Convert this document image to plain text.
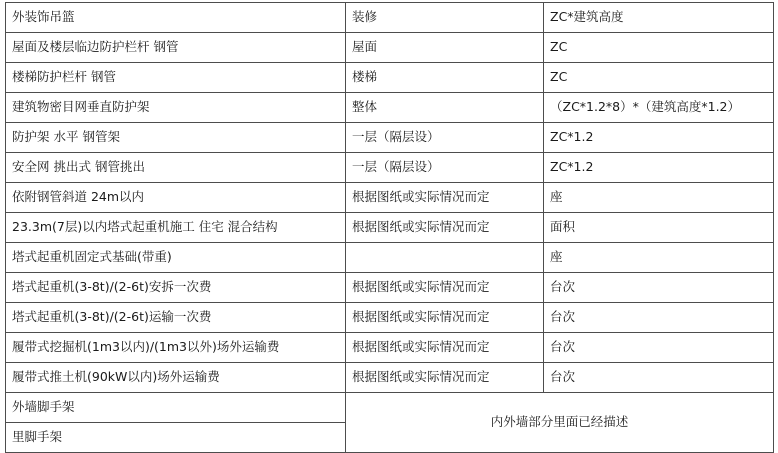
外装饰吊篮	装修	ZC*建筑高度
屋面及楼层临边防护栏杆 钢管	屋面	ZC
楼梯防护栏杆 钢管	楼梯	ZC
建筑物密目网垂直防护架	整体	（ZC*1.2*8）*（建筑高度*1.2）
防护架 水平 钢管架	一层（隔层设）	ZC*1.2
安全网 挑出式 钢管挑出	一层（隔层设）	ZC*1.2
依附钢管斜道 24m以内	根据图纸或实际情况而定	座
23.3m(7层)以内塔式起重机施工 住宅 混合结构	根据图纸或实际情况而定	面积
塔式起重机固定式基础(带重)		座
塔式起重机(3-8t)/(2-6t)安拆一次费	根据图纸或实际情况而定	台次
塔式起重机(3-8t)/(2-6t)运输一次费	根据图纸或实际情况而定	台次
履带式挖掘机(1m3以内)/(1m3以外)场外运输费	根据图纸或实际情况而定	台次
履带式推土机(90kW以内)场外运输费	根据图纸或实际情况而定	台次
外墙脚手架	内外墙部分里面已经描述	
里脚手架		
